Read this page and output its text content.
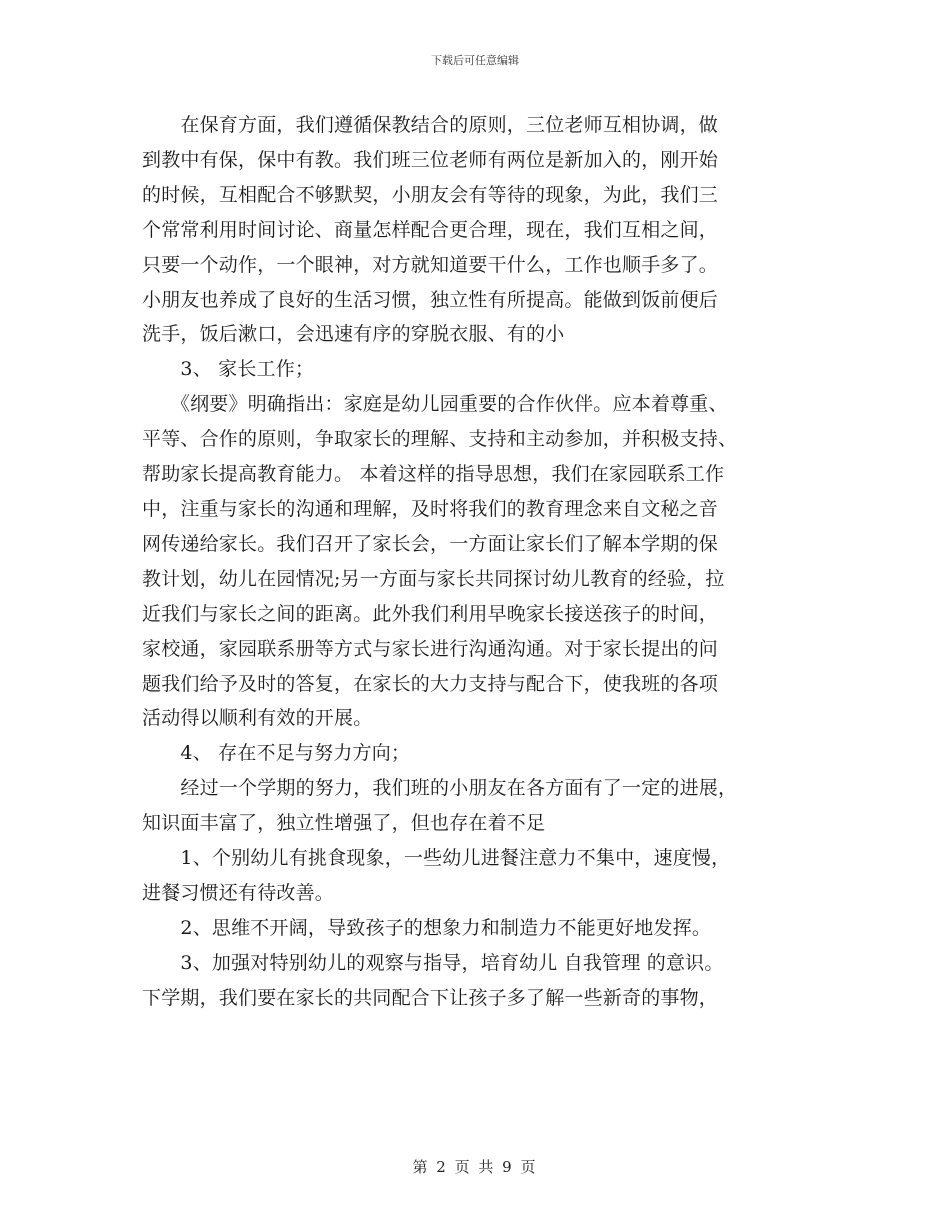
下载后可任意编辑
　　在保育方面，我们遵循保教结合的原则，三位老师互相协调，做
到教中有保，保中有教。我们班三位老师有两位是新加入的，刚开始
的时候，互相配合不够默契，小朋友会有等待的现象，为此，我们三
个常常利用时间讨论、商量怎样配合更合理，现在，我们互相之间，
只要一个动作，一个眼神，对方就知道要干什么，工作也顺手多了。
小朋友也养成了良好的生活习惯，独立性有所提高。能做到饭前便后
洗手，饭后漱口，会迅速有序的穿脱衣服、有的小
　　3、 家长工作；
　　《纲要》明确指出：家庭是幼儿园重要的合作伙伴。应本着尊重、
平等、合作的原则，争取家长的理解、支持和主动参加，并积极支持、
帮助家长提高教育能力。 本着这样的指导思想，我们在家园联系工作
中，注重与家长的沟通和理解，及时将我们的教育理念来自文秘之音
网传递给家长。我们召开了家长会，一方面让家长们了解本学期的保
教计划，幼儿在园情况;另一方面与家长共同探讨幼儿教育的经验，拉
近我们与家长之间的距离。此外我们利用早晚家长接送孩子的时间，
家校通，家园联系册等方式与家长进行沟通沟通。对于家长提出的问
题我们给予及时的答复，在家长的大力支持与配合下，使我班的各项
活动得以顺利有效的开展。
　　4、 存在不足与努力方向；
　　经过一个学期的努力，我们班的小朋友在各方面有了一定的进展，
知识面丰富了，独立性增强了，但也存在着不足
　　1、个别幼儿有挑食现象，一些幼儿进餐注意力不集中，速度慢，
进餐习惯还有待改善。
　　2、思维不开阔，导致孩子的想象力和制造力不能更好地发挥。
　　3、加强对特别幼儿的观察与指导，培育幼儿 自我管理 的意识。
下学期，我们要在家长的共同配合下让孩子多了解一些新奇的事物，
第 2 页 共 9 页
